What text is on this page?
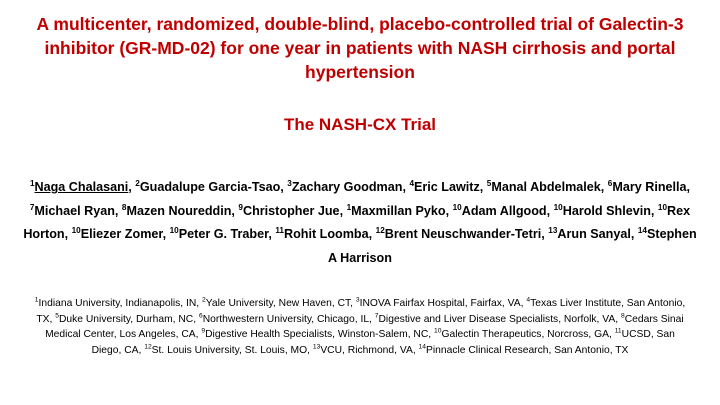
A multicenter, randomized, double-blind, placebo-controlled trial of Galectin-3 inhibitor (GR-MD-02) for one year in patients with NASH cirrhosis and portal hypertension
The NASH-CX Trial
$^1$Naga Chalasani, $^2$Guadalupe Garcia-Tsao, $^3$Zachary Goodman, $^4$Eric Lawitz, $^5$Manal Abdelmalek, $^6$Mary Rinella, $^7$Michael Ryan, $^8$Mazen Noureddin, $^9$Christopher Jue, $^1$Maxmillan Pyko, $^{10}$Adam Allgood, $^{10}$Harold Shlevin, $^{10}$Rex Horton, $^{10}$Eliezer Zomer, $^{10}$Peter G. Traber, $^{11}$Rohit Loomba, $^{12}$Brent Neuschwander-Tetri, $^{13}$Arun Sanyal, $^{14}$Stephen A Harrison
$^1$Indiana University, Indianapolis, IN, $^2$Yale University, New Haven, CT, $^3$INOVA Fairfax Hospital, Fairfax, VA, $^4$Texas Liver Institute, San Antonio, TX, $^5$Duke University, Durham, NC, $^6$Northwestern University, Chicago, IL, $^7$Digestive and Liver Disease Specialists, Norfolk, VA, $^8$Cedars Sinai Medical Center, Los Angeles, CA, $^9$Digestive Health Specialists, Winston-Salem, NC, $^{10}$Galectin Therapeutics, Norcross, GA, $^{11}$UCSD, San Diego, CA, $^{12}$St. Louis University, St. Louis, MO, $^{13}$VCU, Richmond, VA, $^{14}$Pinnacle Clinical Research, San Antonio, TX
